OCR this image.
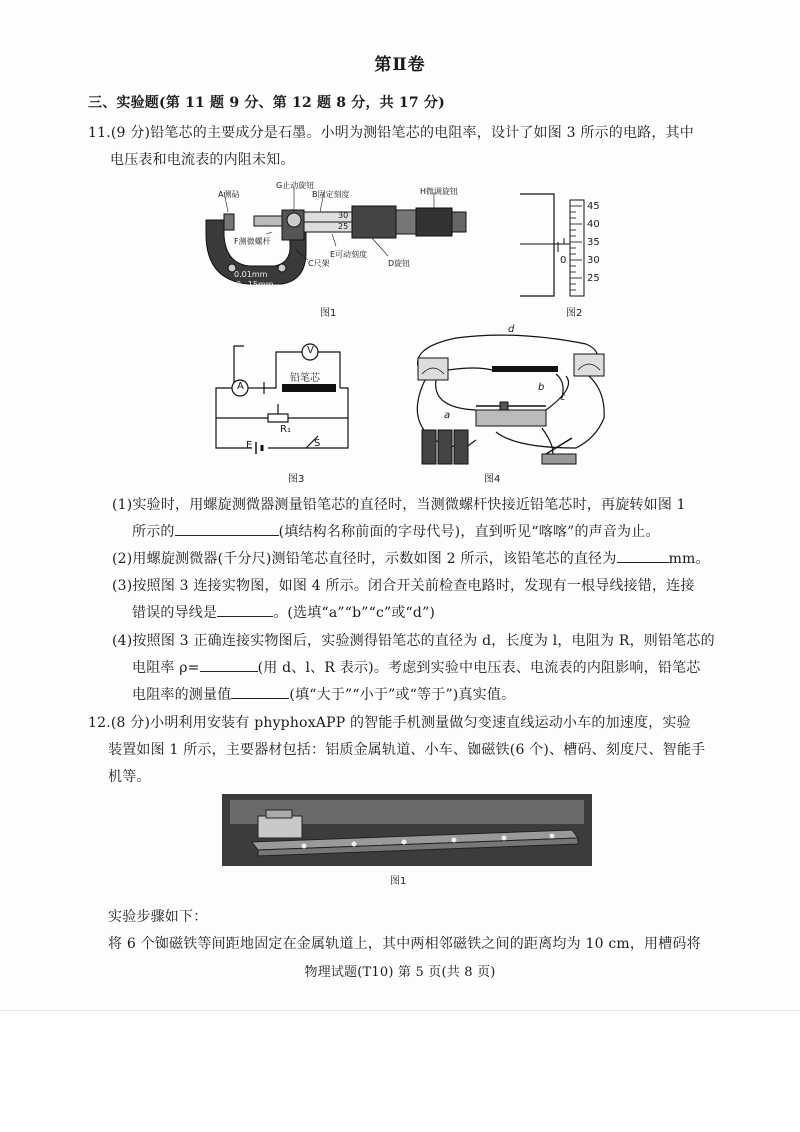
第Ⅱ卷
三、实验题(第 11 题 9 分、第 12 题 8 分，共 17 分)
11.(9 分)铅笔芯的主要成分是石墨。小明为测铅笔芯的电阻率，设计了如图 3 所示的电路，其中
电压表和电流表的内阻未知。
A测砧
G止动旋钮
B固定刻度	H微调旋钮
F测微螺杆
E可动刻度
C尺架	D旋钮
0.01mm
0~15mm
30
25
图1
45
40
35
30
25
0
图2
A
V
铅笔芯
R₁
E	S
图3
d
b
c
a
图4
(1)实验时，用螺旋测微器测量铅笔芯的直径时，当测微螺杆快接近铅笔芯时，再旋转如图 1
所示的	(填结构名称前面的字母代号)，直到听见“喀喀”的声音为止。
(2)用螺旋测微器(千分尺)测铅笔芯直径时，示数如图 2 所示，该铅笔芯的直径为	mm。
(3)按照图 3 连接实物图，如图 4 所示。闭合开关前检查电路时，发现有一根导线接错，连接
错误的导线是	。(选填“a”“b”“c”或“d”)
(4)按照图 3 正确连接实物图后，实验测得铅笔芯的直径为 d，长度为 l，电阻为 R，则铅笔芯的
电阻率 ρ=	(用 d、l、R 表示)。考虑到实验中电压表、电流表的内阻影响，铅笔芯
电阻率的测量值	(填“大于”“小于”或“等于”)真实值。
12.(8 分)小明利用安装有 phyphoxAPP 的智能手机测量做匀变速直线运动小车的加速度，实验
装置如图 1 所示，主要器材包括：铝质金属轨道、小车、铷磁铁(6 个)、槽码、刻度尺、智能手
机等。
图1
实验步骤如下：
将 6 个铷磁铁等间距地固定在金属轨道上，其中两相邻磁铁之间的距离均为 10 cm，用槽码将
物理试题(T10) 第 5 页(共 8 页)
